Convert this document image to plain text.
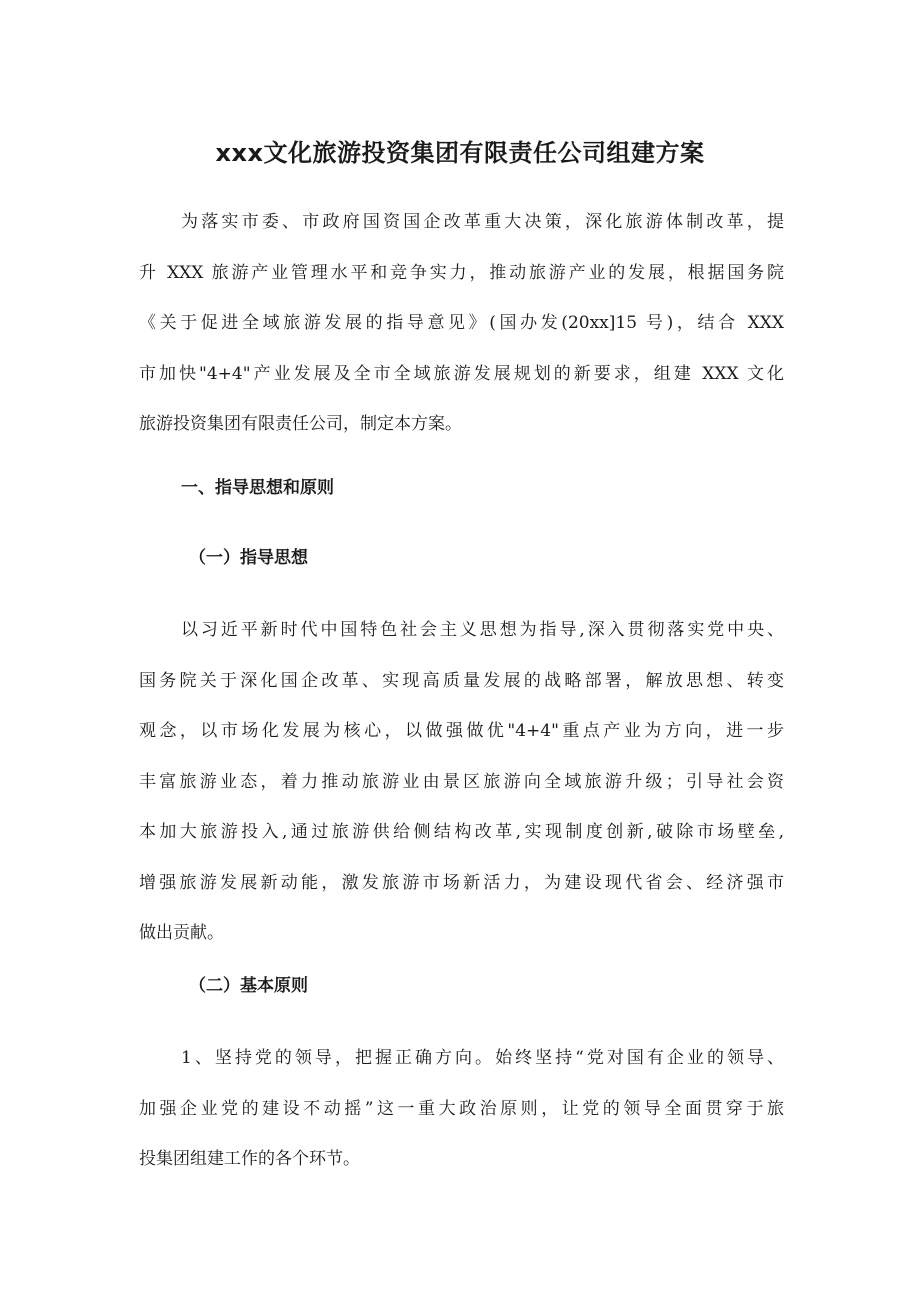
xxx文化旅游投资集团有限责任公司组建方案
为落实市委、市政府国资国企改革重大决策，深化旅游体制改革，提
升 XXX 旅游产业管理水平和竞争实力，推动旅游产业的发展，根据国务院
《关于促进全域旅游发展的指导意见》(国办发(20xx]15 号)，结合 XXX
市加快"4+4"产业发展及全市全域旅游发展规划的新要求，组建 XXX 文化
旅游投资集团有限责任公司，制定本方案。
一、指导思想和原则
（一）指导思想
以习近平新时代中国特色社会主义思想为指导,深入贯彻落实党中央、
国务院关于深化国企改革、实现高质量发展的战略部署，解放思想、转变
观念，以市场化发展为核心，以做强做优"4+4"重点产业为方向，进一步
丰富旅游业态，着力推动旅游业由景区旅游向全域旅游升级；引导社会资
本加大旅游投入,通过旅游供给侧结构改革,实现制度创新,破除市场壁垒,
增强旅游发展新动能，激发旅游市场新活力，为建设现代省会、经济强市
做出贡献。
（二）基本原则
1、坚持党的领导，把握正确方向。始终坚持“党对国有企业的领导、
加强企业党的建设不动摇”这一重大政治原则，让党的领导全面贯穿于旅
投集团组建工作的各个环节。
